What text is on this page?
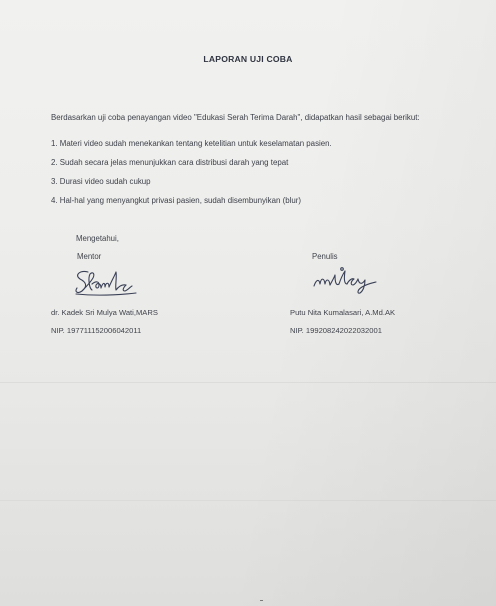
LAPORAN UJI COBA
Berdasarkan uji coba penayangan video "Edukasi Serah Terima Darah", didapatkan hasil sebagai berikut:
1. Materi video sudah menekankan tentang ketelitian untuk keselamatan pasien.
2. Sudah secara jelas menunjukkan cara distribusi darah yang tepat
3. Durasi video sudah cukup
4. Hal-hal yang menyangkut privasi pasien, sudah disembunyikan (blur)
Mengetahui,
Mentor	Penulis
dr. Kadek Sri Mulya Wati,MARS
NIP. 197711152006042011
Putu Nita Kumalasari, A.Md.AK
NIP. 199208242022032001
